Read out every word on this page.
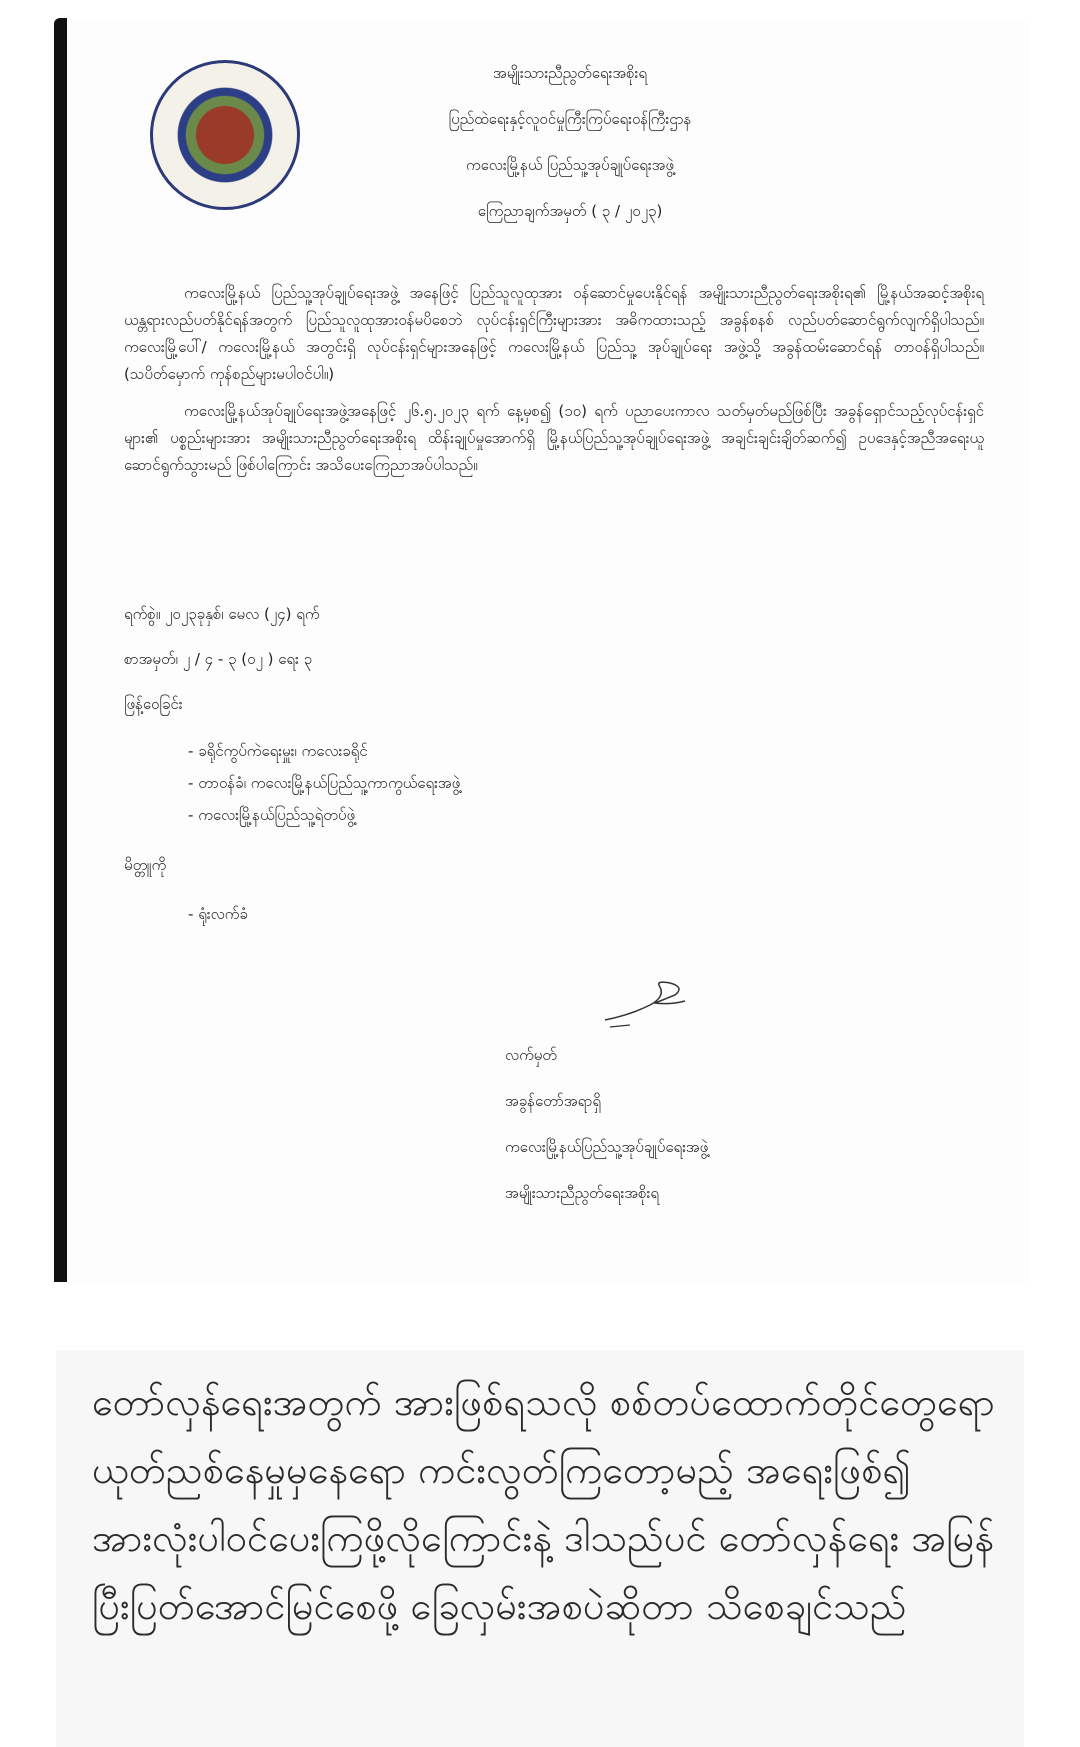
အမျိုးသားညီညွတ်ရေးအစိုးရ
ပြည်ထဲရေးနှင့်လူဝင်မှုကြီးကြပ်ရေးဝန်ကြီးဌာန
ကလေးမြို့နယ် ပြည်သူ့အုပ်ချုပ်ရေးအဖွဲ့
ကြေညာချက်အမှတ် ( ၃ / ၂၀၂၃)

ကလေးမြို့နယ် ပြည်သူ့အုပ်ချုပ်ရေးအဖွဲ့ အနေဖြင့် ပြည်သူလူထုအား ဝန်ဆောင်မှုပေးနိုင်ရန် အမျိုးသားညီညွတ်ရေးအစိုးရ၏ မြို့နယ်အဆင့်အစိုးရယန္တရားလည်ပတ်နိုင်ရန်အတွက် ပြည်သူလူထုအားဝန်မပိစေဘဲ လုပ်ငန်းရှင်ကြီးများအား အဓိကထားသည့် အခွန်စနစ် လည်ပတ်ဆောင်ရွက်လျက်ရှိပါသည်။ ကလေးမြို့ပေါ်/ ကလေးမြို့နယ် အတွင်းရှိ လုပ်ငန်းရှင်များအနေဖြင့် ကလေးမြို့နယ် ပြည်သူ့ အုပ်ချုပ်ရေး အဖွဲ့သို့ အခွန်ထမ်းဆောင်ရန် တာဝန်ရှိပါသည်။ (သပိတ်မှောက် ကုန်စည်များမပါဝင်ပါ။)

ကလေးမြို့နယ်အုပ်ချုပ်ရေးအဖွဲ့အနေဖြင့် ၂၆.၅.၂၀၂၃ ရက် နေ့မှစ၍ (၁၀) ရက် ပညာပေးကာလ သတ်မှတ်မည်ဖြစ်ပြီး အခွန်ရှောင်သည့်လုပ်ငန်းရှင်များ၏ ပစ္စည်းများအား အမျိုးသားညီညွတ်ရေးအစိုးရ ထိန်းချုပ်မှုအောက်ရှိ မြို့နယ်ပြည်သူ့အုပ်ချုပ်ရေးအဖွဲ့ အချင်းချင်းချိတ်ဆက်၍ ဥပဒေနှင့်အညီအရေးယူဆောင်ရွက်သွားမည် ဖြစ်ပါကြောင်း အသိပေးကြေညာအပ်ပါသည်။

ရက်စွဲ။ ၂၀၂၃ခုနှစ်၊ မေလ (၂၄) ရက်
စာအမှတ်၊ ၂ / ၄ - ၃ (၀၂ ) ရေး ၃
ဖြန့်ဝေခြင်း
- ခရိုင်ကွပ်ကဲရေးမှူး၊ ကလေးခရိုင်
- တာဝန်ခံ၊ ကလေးမြို့နယ်ပြည်သူ့ကာကွယ်ရေးအဖွဲ့
- ကလေးမြို့နယ်ပြည်သူ့ရဲတပ်ဖွဲ့
မိတ္တူကို
- ရုံးလက်ခံ
လက်မှတ်
အခွန်တော်အရာရှိ
ကလေးမြို့နယ်ပြည်သူ့အုပ်ချုပ်ရေးအဖွဲ့
အမျိုးသားညီညွတ်ရေးအစိုးရ
တော်လှန်ရေးအတွက် အားဖြစ်ရသလို စစ်တပ်ထောက်တိုင်တွေရော ယုတ်ညစ်နေမှုမှနေရော ကင်းလွတ်ကြတော့မည့် အရေးဖြစ်၍ အားလုံးပါဝင်ပေးကြဖို့လိုကြောင်းနဲ့ ဒါသည်ပင် တော်လှန်ရေး အမြန် ပြီးပြတ်အောင်မြင်စေဖို့ ခြေလှမ်းအစပဲဆိုတာ သိစေချင်သည်
